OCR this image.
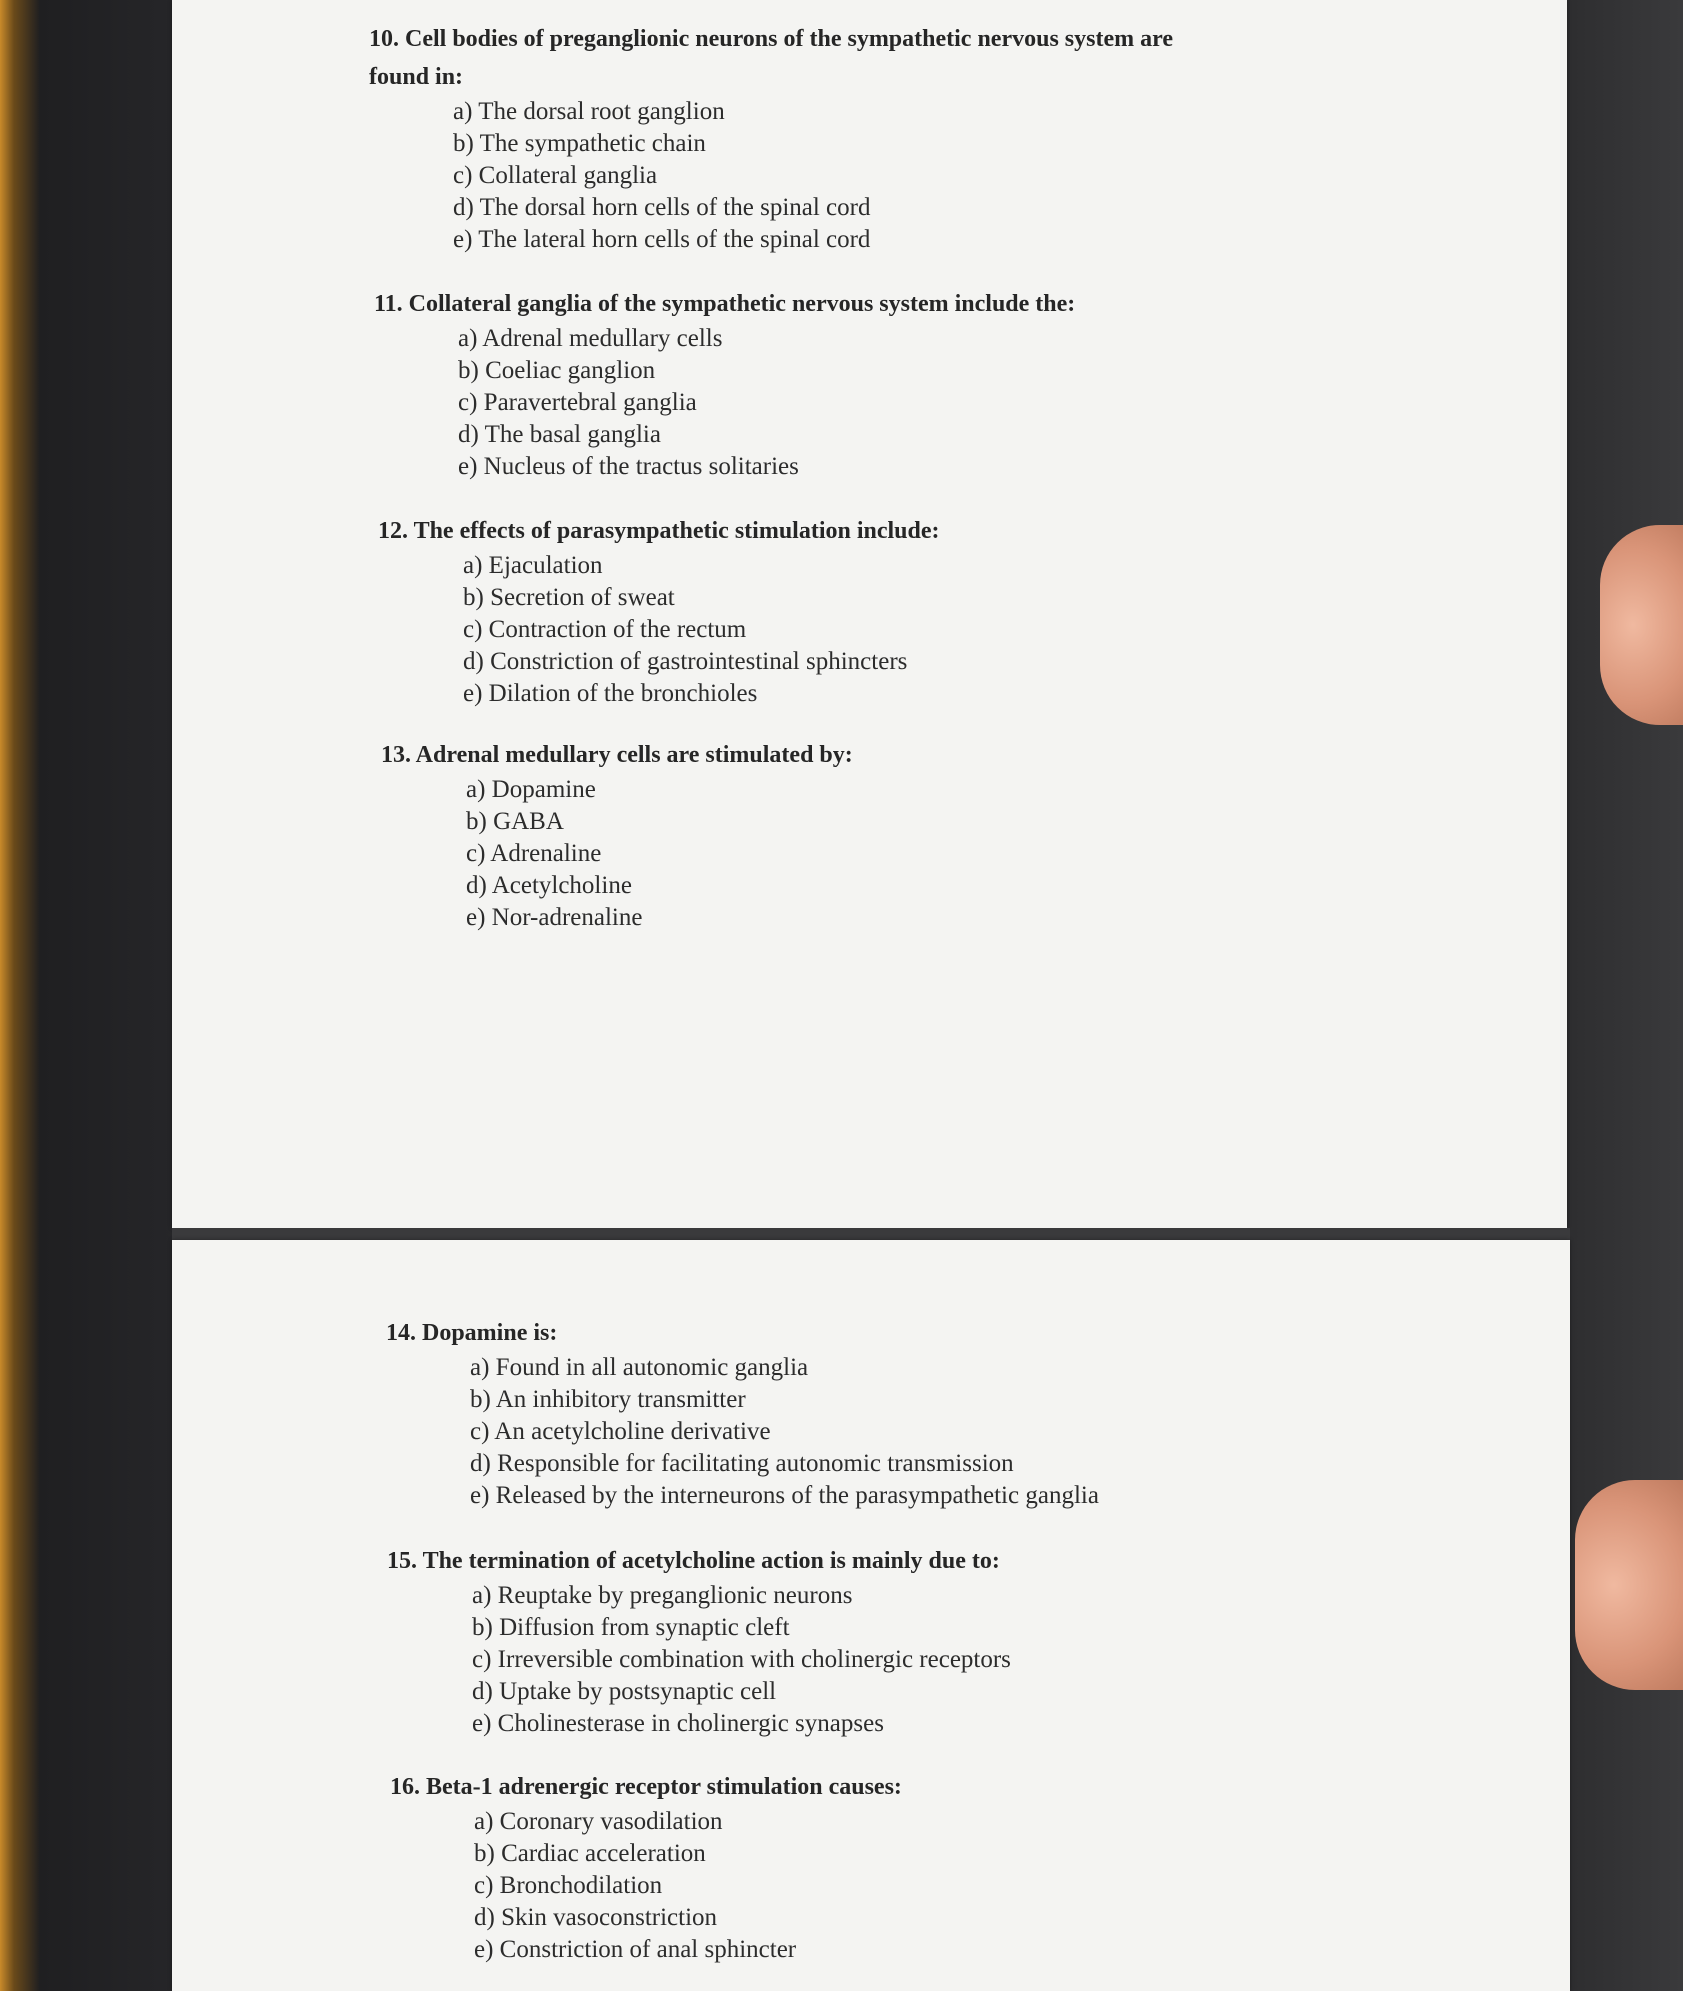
10. Cell bodies of preganglionic neurons of the sympathetic nervous system are
found in:
a) The dorsal root ganglion
b) The sympathetic chain
c) Collateral ganglia
d) The dorsal horn cells of the spinal cord
e) The lateral horn cells of the spinal cord
11. Collateral ganglia of the sympathetic nervous system include the:
a) Adrenal medullary cells
b) Coeliac ganglion
c) Paravertebral ganglia
d) The basal ganglia
e) Nucleus of the tractus solitaries
12. The effects of parasympathetic stimulation include:
a) Ejaculation
b) Secretion of sweat
c) Contraction of the rectum
d) Constriction of gastrointestinal sphincters
e) Dilation of the bronchioles
13. Adrenal medullary cells are stimulated by:
a) Dopamine
b) GABA
c) Adrenaline
d) Acetylcholine
e) Nor-adrenaline
14. Dopamine is:
a) Found in all autonomic ganglia
b) An inhibitory transmitter
c) An acetylcholine derivative
d) Responsible for facilitating autonomic transmission
e) Released by the interneurons of the parasympathetic ganglia
15. The termination of acetylcholine action is mainly due to:
a) Reuptake by preganglionic neurons
b) Diffusion from synaptic cleft
c) Irreversible combination with cholinergic receptors
d) Uptake by postsynaptic cell
e) Cholinesterase in cholinergic synapses
16. Beta-1 adrenergic receptor stimulation causes:
a) Coronary vasodilation
b) Cardiac acceleration
c) Bronchodilation
d) Skin vasoconstriction
e) Constriction of anal sphincter
